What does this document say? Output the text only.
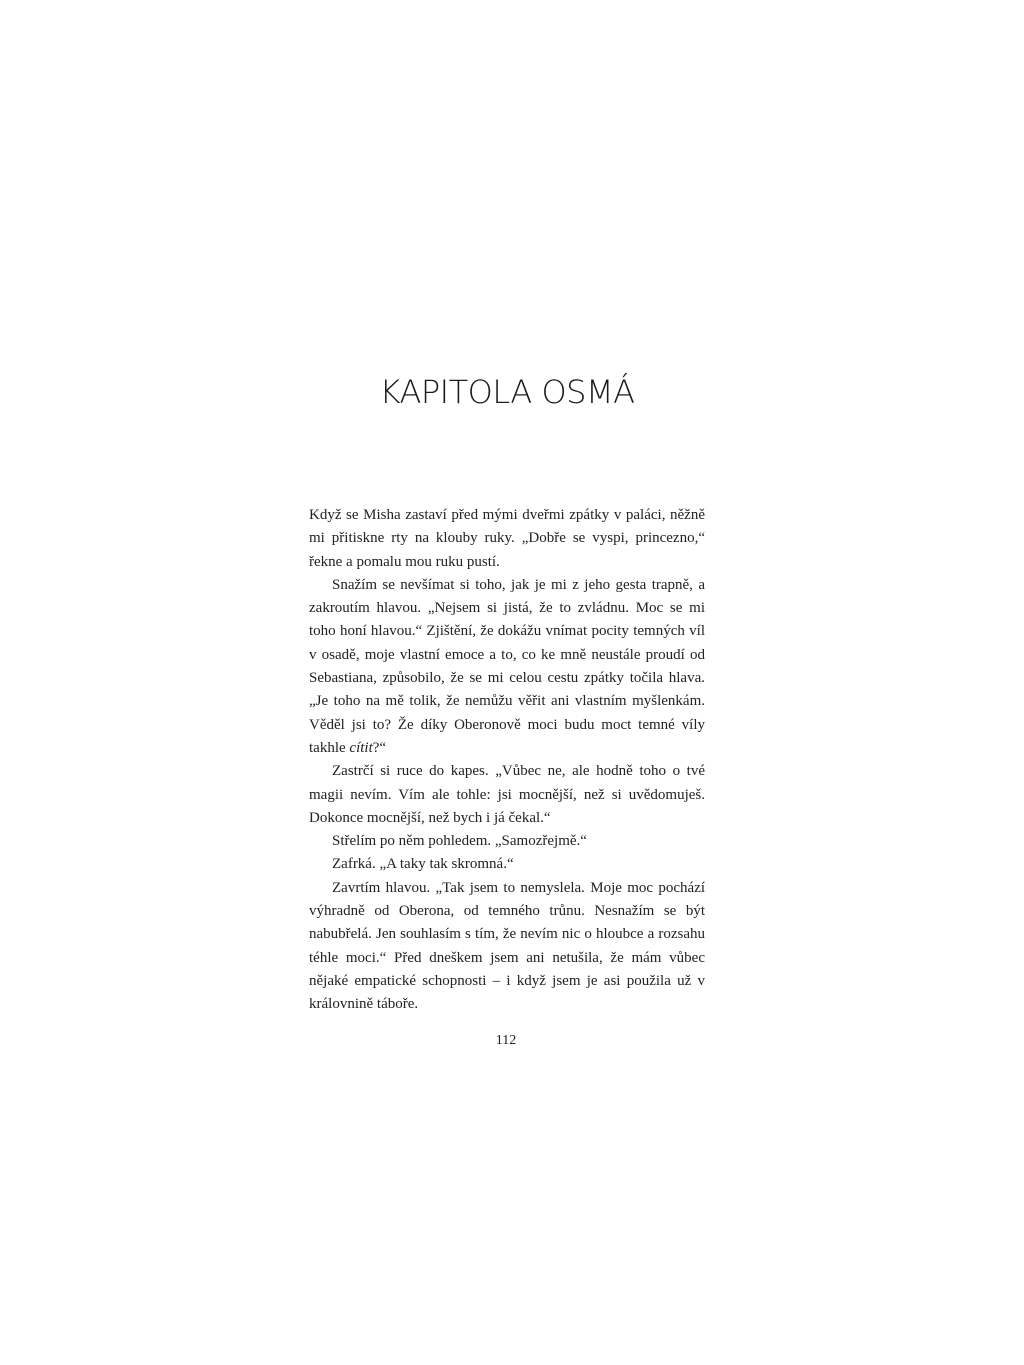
KAPITOLA OSMÁ

Když se Misha zastaví před mými dveřmi zpátky v paláci, něžně mi přitiskne rty na klouby ruky. „Dobře se vyspi, princezno,“ řekne a pomalu mou ruku pustí.

Snažím se nevšímat si toho, jak je mi z jeho gesta trapně, a zakroutím hlavou. „Nejsem si jistá, že to zvládnu. Moc se mi toho honí hlavou.“ Zjištění, že dokážu vnímat pocity temných víl v osadě, moje vlastní emoce a to, co ke mně neustále proudí od Sebastiana, způsobilo, že se mi celou cestu zpátky točila hlava. „Je toho na mě tolik, že nemůžu věřit ani vlastním myšlenkám. Věděl jsi to? Že díky Oberonově moci budu moct temné víly takhle cítit?“

Zastrčí si ruce do kapes. „Vůbec ne, ale hodně toho o tvé magii nevím. Vím ale tohle: jsi mocnější, než si uvědomuješ. Dokonce mocnější, než bych i já čekal.“

Střelím po něm pohledem. „Samozřejmě.“

Zafrká. „A taky tak skromná.“

Zavrtím hlavou. „Tak jsem to nemyslela. Moje moc pochází výhradně od Oberona, od temného trůnu. Nesnažím se být nabubřelá. Jen souhlasím s tím, že nevím nic o hloubce a rozsahu téhle moci.“ Před dneškem jsem ani netušila, že mám vůbec nějaké empatické schopnosti – i když jsem je asi použila už v královnině táboře.

112
